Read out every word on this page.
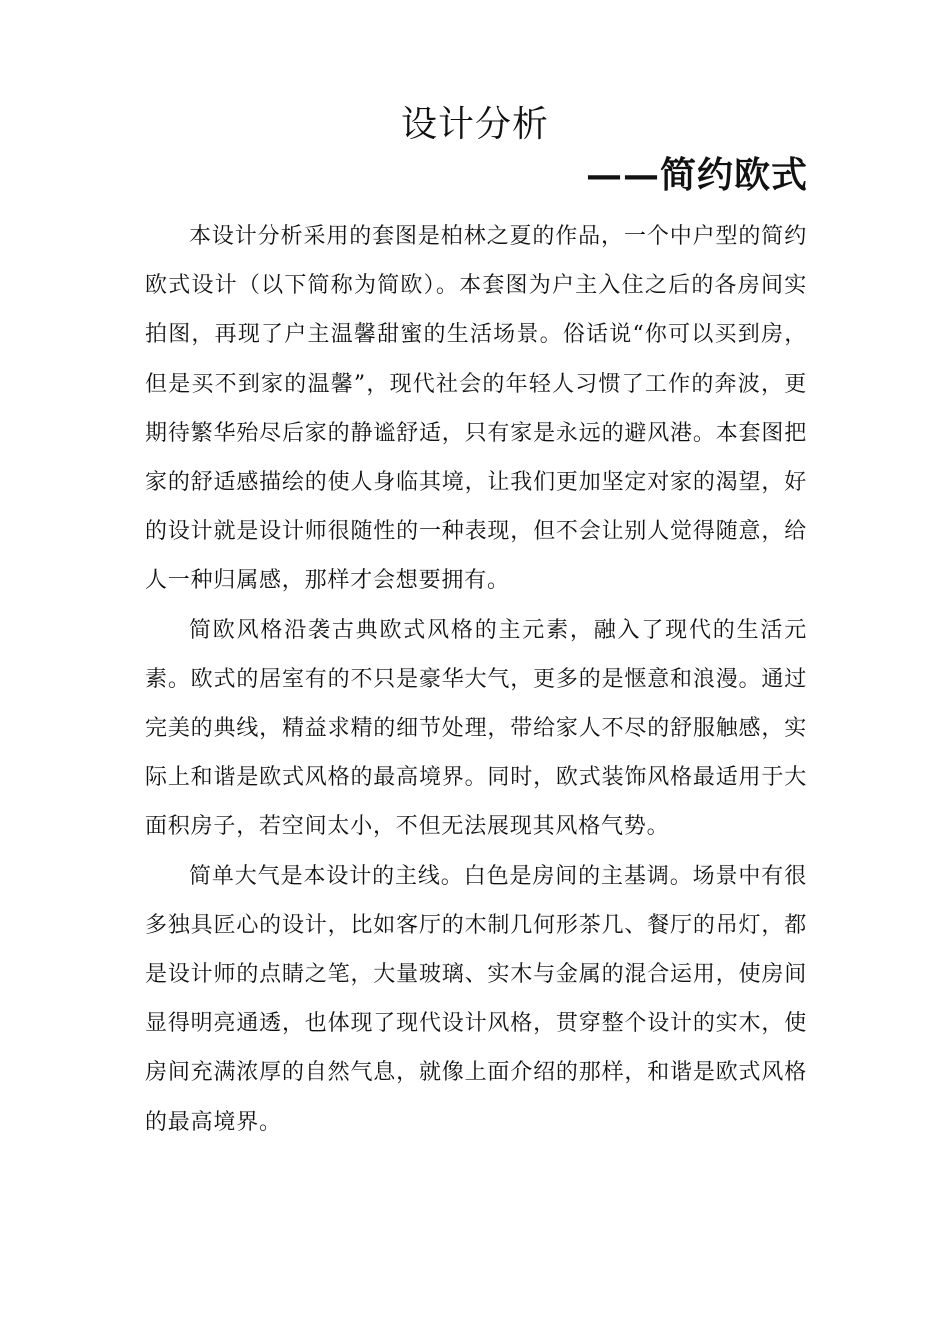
设计分析
——简约欧式

本设计分析采用的套图是柏林之夏的作品，一个中户型的简约欧式设计（以下简称为简欧）。本套图为户主入住之后的各房间实拍图，再现了户主温馨甜蜜的生活场景。俗话说“你可以买到房，但是买不到家的温馨”，现代社会的年轻人习惯了工作的奔波，更期待繁华殆尽后家的静谧舒适，只有家是永远的避风港。本套图把家的舒适感描绘的使人身临其境，让我们更加坚定对家的渴望，好的设计就是设计师很随性的一种表现，但不会让别人觉得随意，给人一种归属感，那样才会想要拥有。

简欧风格沿袭古典欧式风格的主元素，融入了现代的生活元素。欧式的居室有的不只是豪华大气，更多的是惬意和浪漫。通过完美的典线，精益求精的细节处理，带给家人不尽的舒服触感，实际上和谐是欧式风格的最高境界。同时，欧式装饰风格最适用于大面积房子，若空间太小，不但无法展现其风格气势。

简单大气是本设计的主线。白色是房间的主基调。场景中有很多独具匠心的设计，比如客厅的木制几何形茶几、餐厅的吊灯，都是设计师的点睛之笔，大量玻璃、实木与金属的混合运用，使房间显得明亮通透，也体现了现代设计风格，贯穿整个设计的实木，使房间充满浓厚的自然气息，就像上面介绍的那样，和谐是欧式风格的最高境界。
